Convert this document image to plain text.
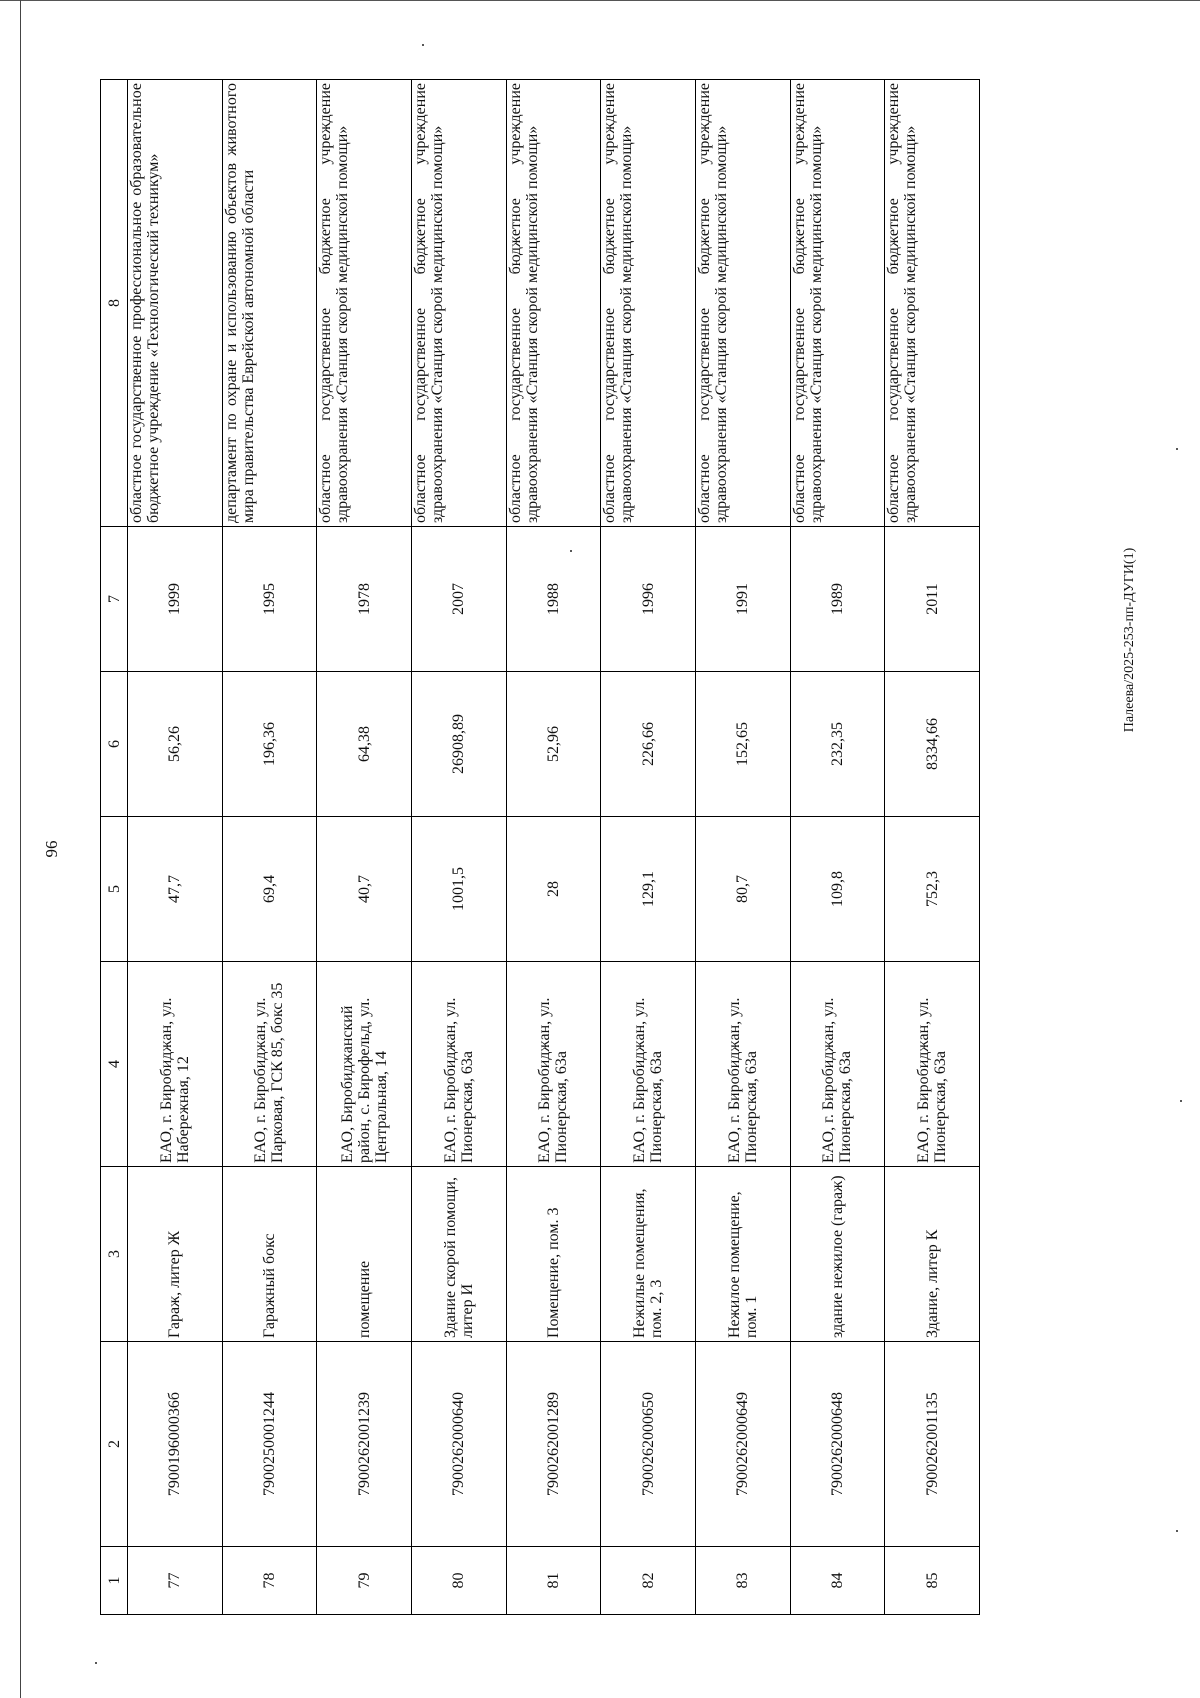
96
Палеева/2025-253-пп-ДУГИ(1)
1	2	3	4	5	6	7	8
77	790019600036б	Гараж, литер Ж	ЕАО, г. Биробиджан, ул. Набережная, 12	47,7	56,26	1999	областное государственное профессиональное образовательное бюджетное учреждение «Технологический техникум»
78	7900250001244	Гаражный бокс	ЕАО, г. Биробиджан, ул. Парковая, ГСК 85, бокс 35	69,4	196,36	1995	департамент по охране и использованию объектов животного мира правительства Еврейской автономной области
79	7900262001239	помещение	ЕАО, Биробиджанский район, с. Бирофельд, ул. Центральная, 14	40,7	64,38	1978	областное государственное бюджетное учреждение здравоохранения «Станция скорой медицинской помощи»
80	7900262000640	Здание скорой помощи, литер И	ЕАО, г. Биробиджан, ул. Пионерская, 63а	1001,5	26908,89	2007	областное государственное бюджетное учреждение здравоохранения «Станция скорой медицинской помощи»
81	7900262001289	Помещение, пом. 3	ЕАО, г. Биробиджан, ул. Пионерская, 63а	28	52,96	1988	областное государственное бюджетное учреждение здравоохранения «Станция скорой медицинской помощи»
82	7900262000650	Нежилые помещения, пом. 2, 3	ЕАО, г. Биробиджан, ул. Пионерская, 63а	129,1	226,66	1996	областное государственное бюджетное учреждение здравоохранения «Станция скорой медицинской помощи»
83	7900262000649	Нежилое помещение, пом. 1	ЕАО, г. Биробиджан, ул. Пионерская, 63а	80,7	152,65	1991	областное государственное бюджетное учреждение здравоохранения «Станция скорой медицинской помощи»
84	7900262000648	здание нежилое (гараж)	ЕАО, г. Биробиджан, ул. Пионерская, 63а	109,8	232,35	1989	областное государственное бюджетное учреждение здравоохранения «Станция скорой медицинской помощи»
85	7900262001135	Здание, литер К	ЕАО, г. Биробиджан, ул. Пионерская, 63а	752,3	8334,66	2011	областное государственное бюджетное учреждение здравоохранения «Станция скорой медицинской помощи»
